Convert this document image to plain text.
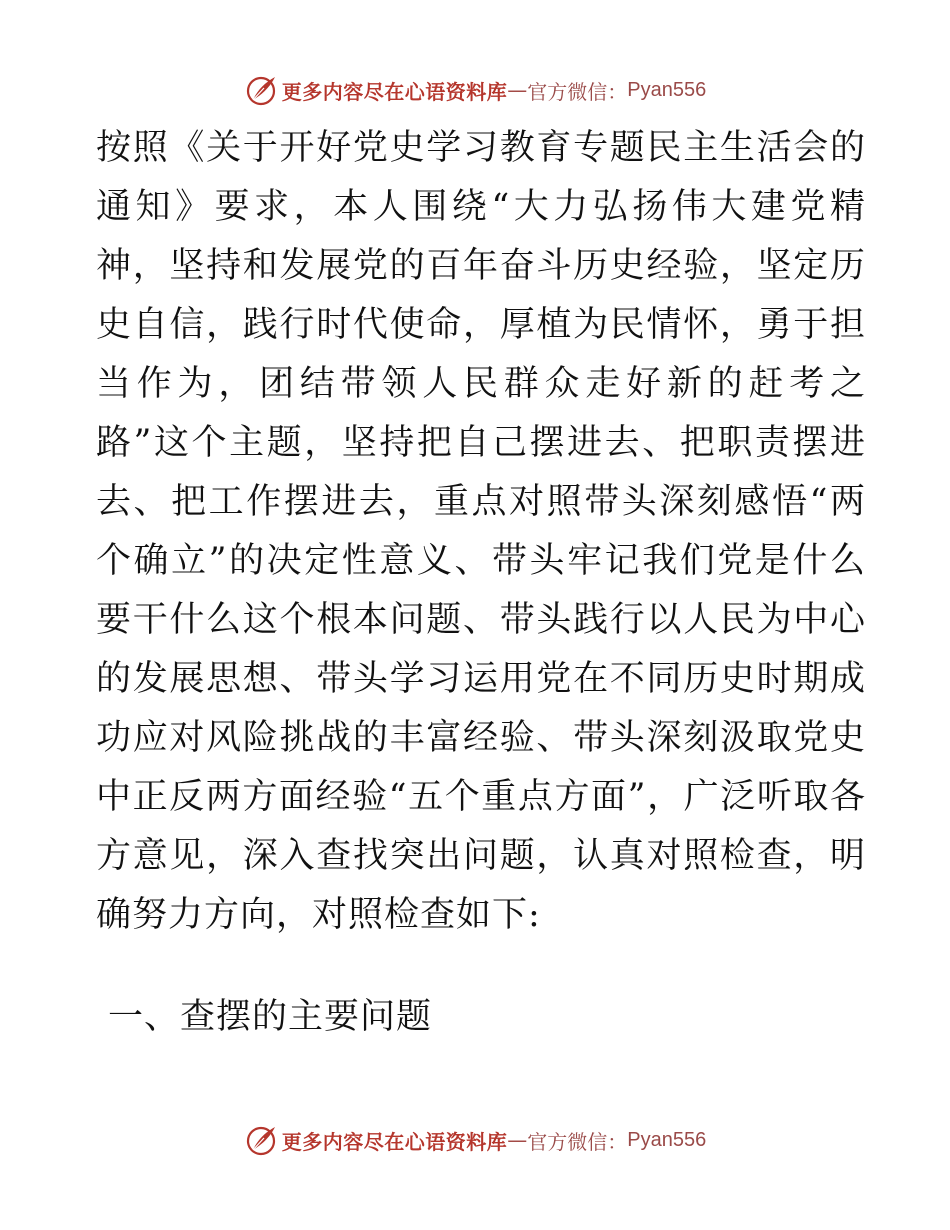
更多内容尽在心语资料库 — 官方微信： Pyan556

按照《关于开好党史学习教育专题民主生活会的通知》要求，本人围绕“大力弘扬伟大建党精神，坚持和发展党的百年奋斗历史经验，坚定历史自信，践行时代使命，厚植为民情怀，勇于担当作为，团结带领人民群众走好新的赶考之路”这个主题，坚持把自己摆进去、把职责摆进去、把工作摆进去，重点对照带头深刻感悟“两个确立”的决定性意义、带头牢记我们党是什么要干什么这个根本问题、带头践行以人民为中心的发展思想、带头学习运用党在不同历史时期成功应对风险挑战的丰富经验、带头深刻汲取党史中正反两方面经验“五个重点方面”，广泛听取各方意见，深入查找突出问题，认真对照检查，明确努力方向，对照检查如下:

一、查摆的主要问题

更多内容尽在心语资料库 — 官方微信： Pyan556
